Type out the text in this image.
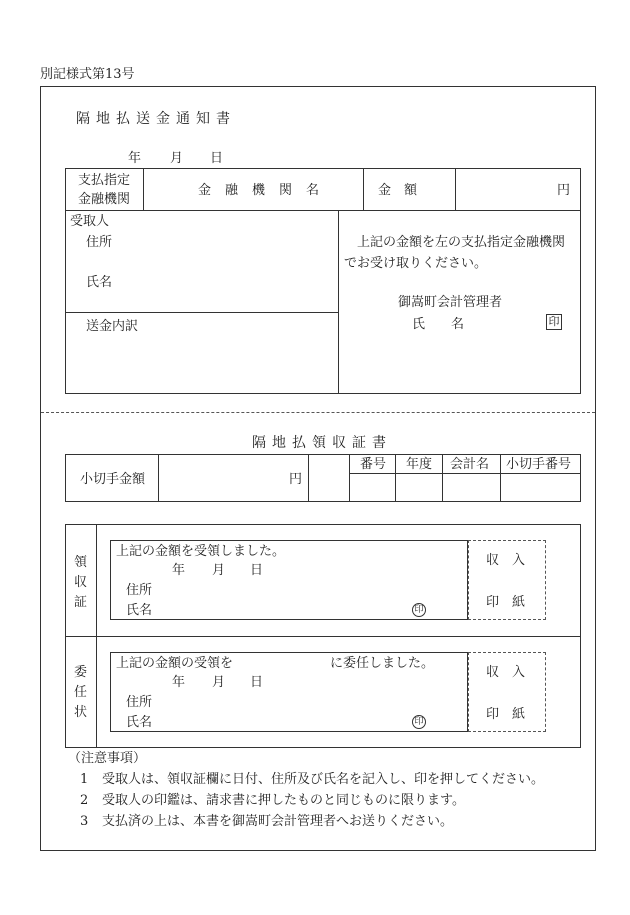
別記様式第13号
隔地払送金通知書
年 月 日
支払指定
金融機関
金融機関名	金　額	円
受取人
住所
氏名
送金内訳
上記の金額を左の支払指定金融機関
でお受け取りください。
御嵩町会計管理者
氏　　名	印
隔地払領収証書
小切手金額	円
番号 年度 会計名 小切手番号
領
収
証
上記の金額を受領しました。
年 月 日
住所
氏名	印
収　入
印　紙
委
任
状
上記の金額の受領を	に委任しました。
年 月 日
住所
氏名	印
収　入
印　紙
（注意事項）
1 受取人は、領収証欄に日付、住所及び氏名を記入し、印を押してください。
2 受取人の印鑑は、請求書に押したものと同じものに限ります。
3 支払済の上は、本書を御嵩町会計管理者へお送りください。
